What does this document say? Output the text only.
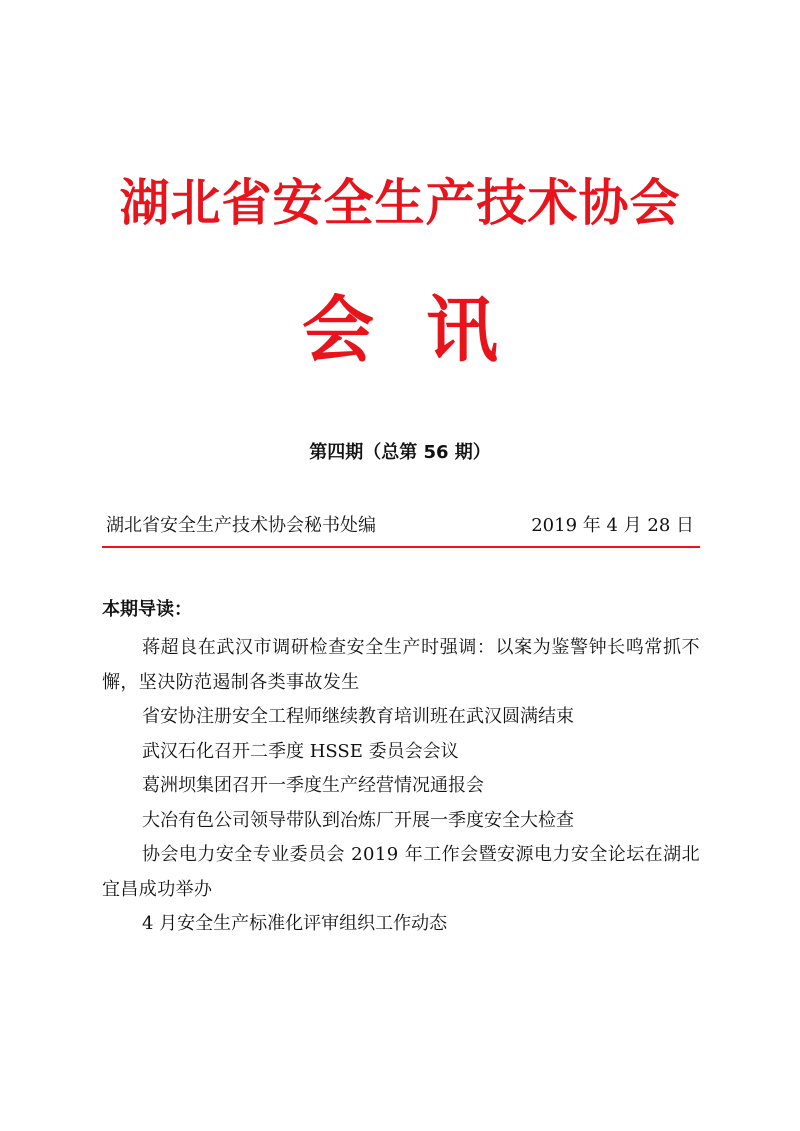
湖北省安全生产技术协会
会讯
第四期（总第 56 期）
湖北省安全生产技术协会秘书处编	2019 年 4 月 28 日
本期导读：
蒋超良在武汉市调研检查安全生产时强调：以案为鉴警钟长鸣常抓不懈，坚决防范遏制各类事故发生
省安协注册安全工程师继续教育培训班在武汉圆满结束
武汉石化召开二季度 HSSE 委员会会议
葛洲坝集团召开一季度生产经营情况通报会
大冶有色公司领导带队到冶炼厂开展一季度安全大检查
协会电力安全专业委员会 2019 年工作会暨安源电力安全论坛在湖北宜昌成功举办
4 月安全生产标准化评审组织工作动态
